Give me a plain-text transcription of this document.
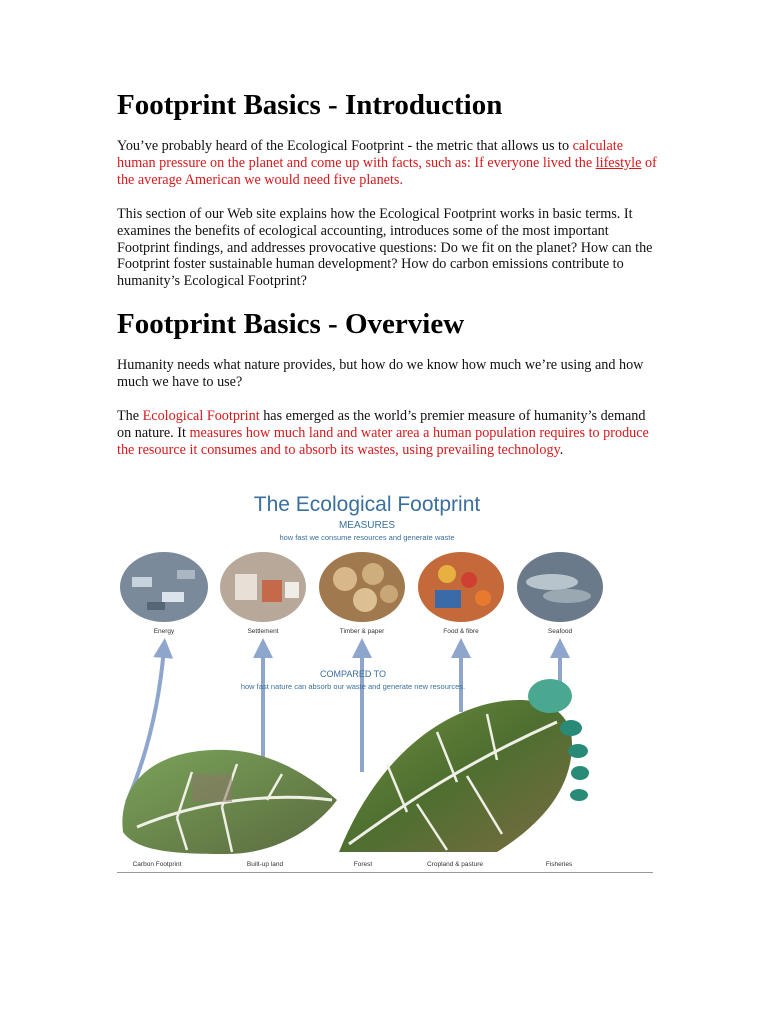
Footprint Basics - Introduction

You’ve probably heard of the Ecological Footprint - the metric that allows us to calculate human pressure on the planet and come up with facts, such as: If everyone lived the lifestyle of the average American we would need five planets.

This section of our Web site explains how the Ecological Footprint works in basic terms. It examines the benefits of ecological accounting, introduces some of the most important Footprint findings, and addresses provocative questions: Do we fit on the planet? How can the Footprint foster sustainable human development? How do carbon emissions contribute to humanity’s Ecological Footprint?

Footprint Basics - Overview

Humanity needs what nature provides, but how do we know how much we’re using and how much we have to use?

The Ecological Footprint has emerged as the world’s premier measure of humanity’s demand on nature. It measures how much land and water area a human population requires to produce the resource it consumes and to absorb its wastes, using prevailing technology.

The Ecological Footprint
MEASURES
how fast we consume resources and generate waste
Energy	Settlement	Timber & paper	Food & fibre	Seafood
COMPARED TO
how fast nature can absorb our waste and generate new resources.
Carbon Footprint	Built-up land	Forest	Cropland & pasture	Fisheries
